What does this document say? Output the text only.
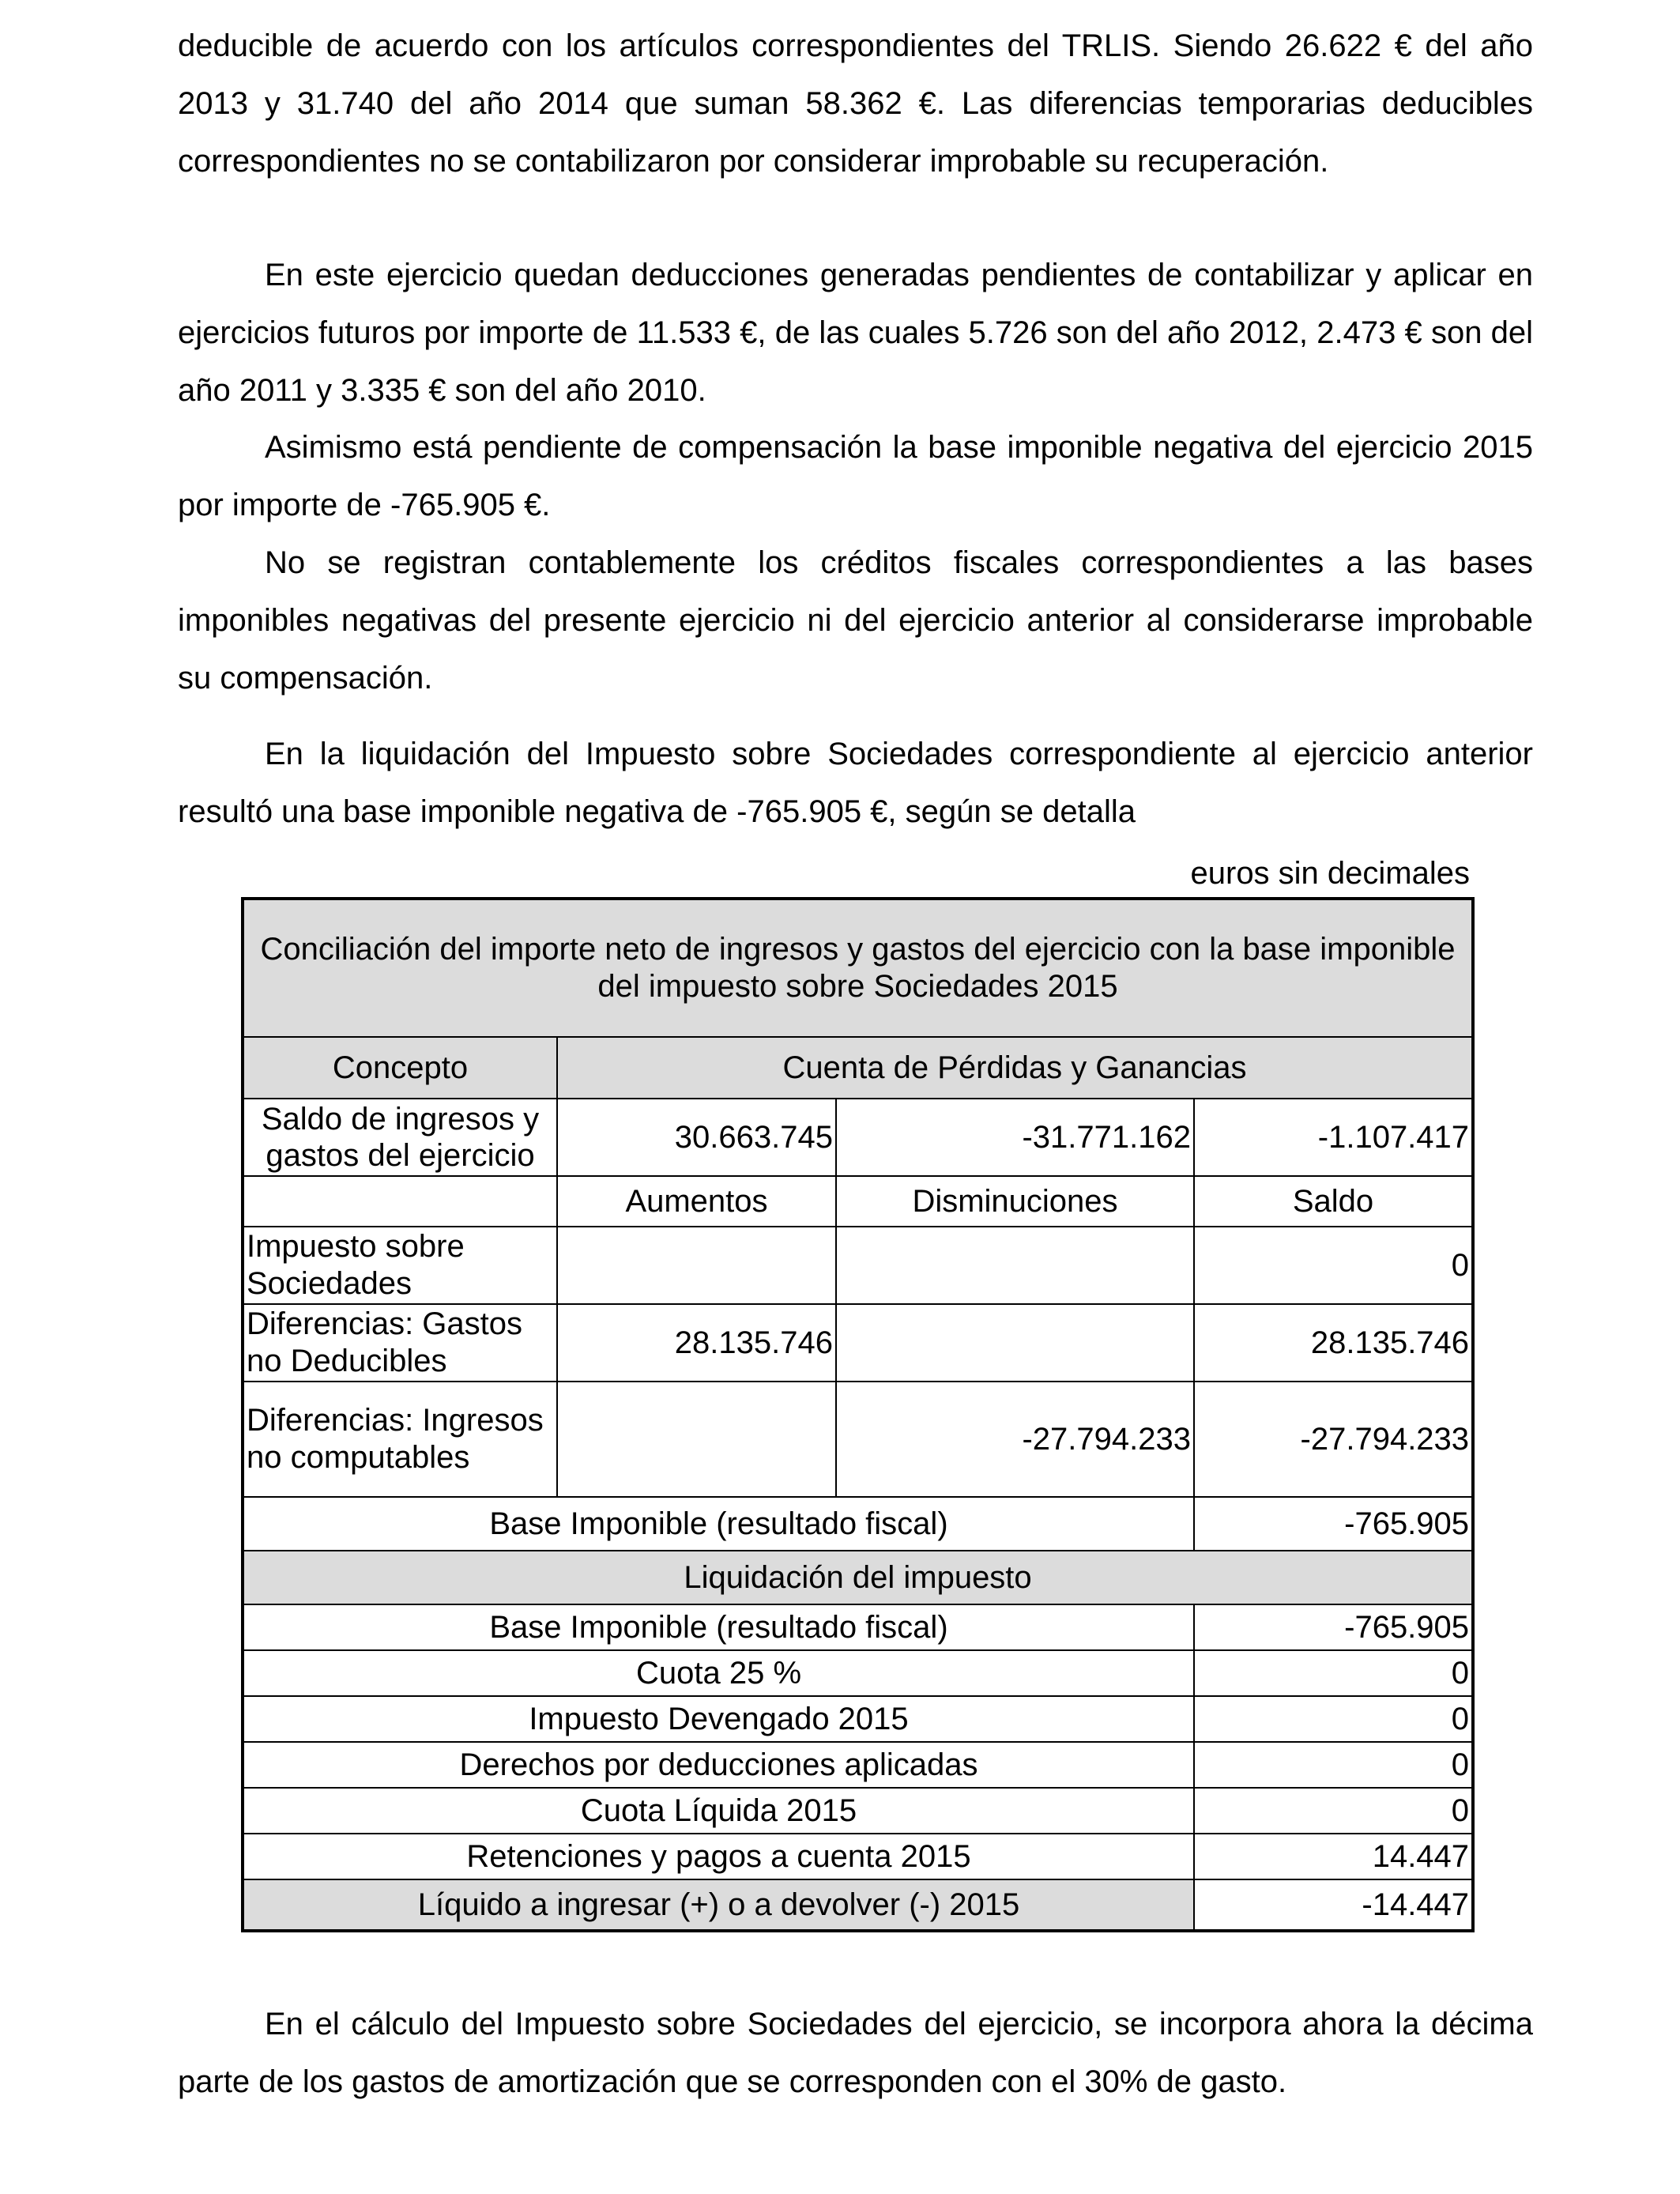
deducible de acuerdo con los artículos correspondientes del TRLIS. Siendo 26.622 € del año 2013 y 31.740 del año 2014 que suman 58.362 €. Las diferencias temporarias deducibles correspondientes no se contabilizaron por considerar improbable su recuperación.

En este ejercicio quedan deducciones generadas pendientes de contabilizar y aplicar en ejercicios futuros por importe de 11.533 €, de las cuales 5.726 son del año 2012, 2.473 € son del año 2011 y 3.335 € son del año 2010.

Asimismo está pendiente de compensación la base imponible negativa del ejercicio 2015 por importe de -765.905 €.

No se registran contablemente los créditos fiscales correspondientes a las bases imponibles negativas del presente ejercicio ni del ejercicio anterior al considerarse improbable su compensación.

En la liquidación del Impuesto sobre Sociedades correspondiente al ejercicio anterior resultó una base imponible negativa de -765.905 €, según se detalla

euros sin decimales
Conciliación del importe neto de ingresos y gastos del ejercicio con la base imponible del impuesto sobre Sociedades 2015			
Concepto	Cuenta de Pérdidas y Ganancias		
Saldo de ingresos y gastos del ejercicio	30.663.745	-31.771.162	-1.107.417
	Aumentos	Disminuciones	Saldo
Impuesto sobre Sociedades			0
Diferencias: Gastos no Deducibles	28.135.746		28.135.746
Diferencias: Ingresos no computables		-27.794.233	-27.794.233
Base Imponible (resultado fiscal)			-765.905
Liquidación del impuesto			
Base Imponible (resultado fiscal)			-765.905
Cuota 25 %			0
Impuesto Devengado 2015			0
Derechos por deducciones aplicadas			0
Cuota Líquida 2015			0
Retenciones y pagos a cuenta 2015			14.447
Líquido a ingresar (+) o a devolver (-) 2015			-14.447

En el cálculo del Impuesto sobre Sociedades del ejercicio, se incorpora ahora la décima parte de los gastos de amortización que se corresponden con el 30% de gasto.
